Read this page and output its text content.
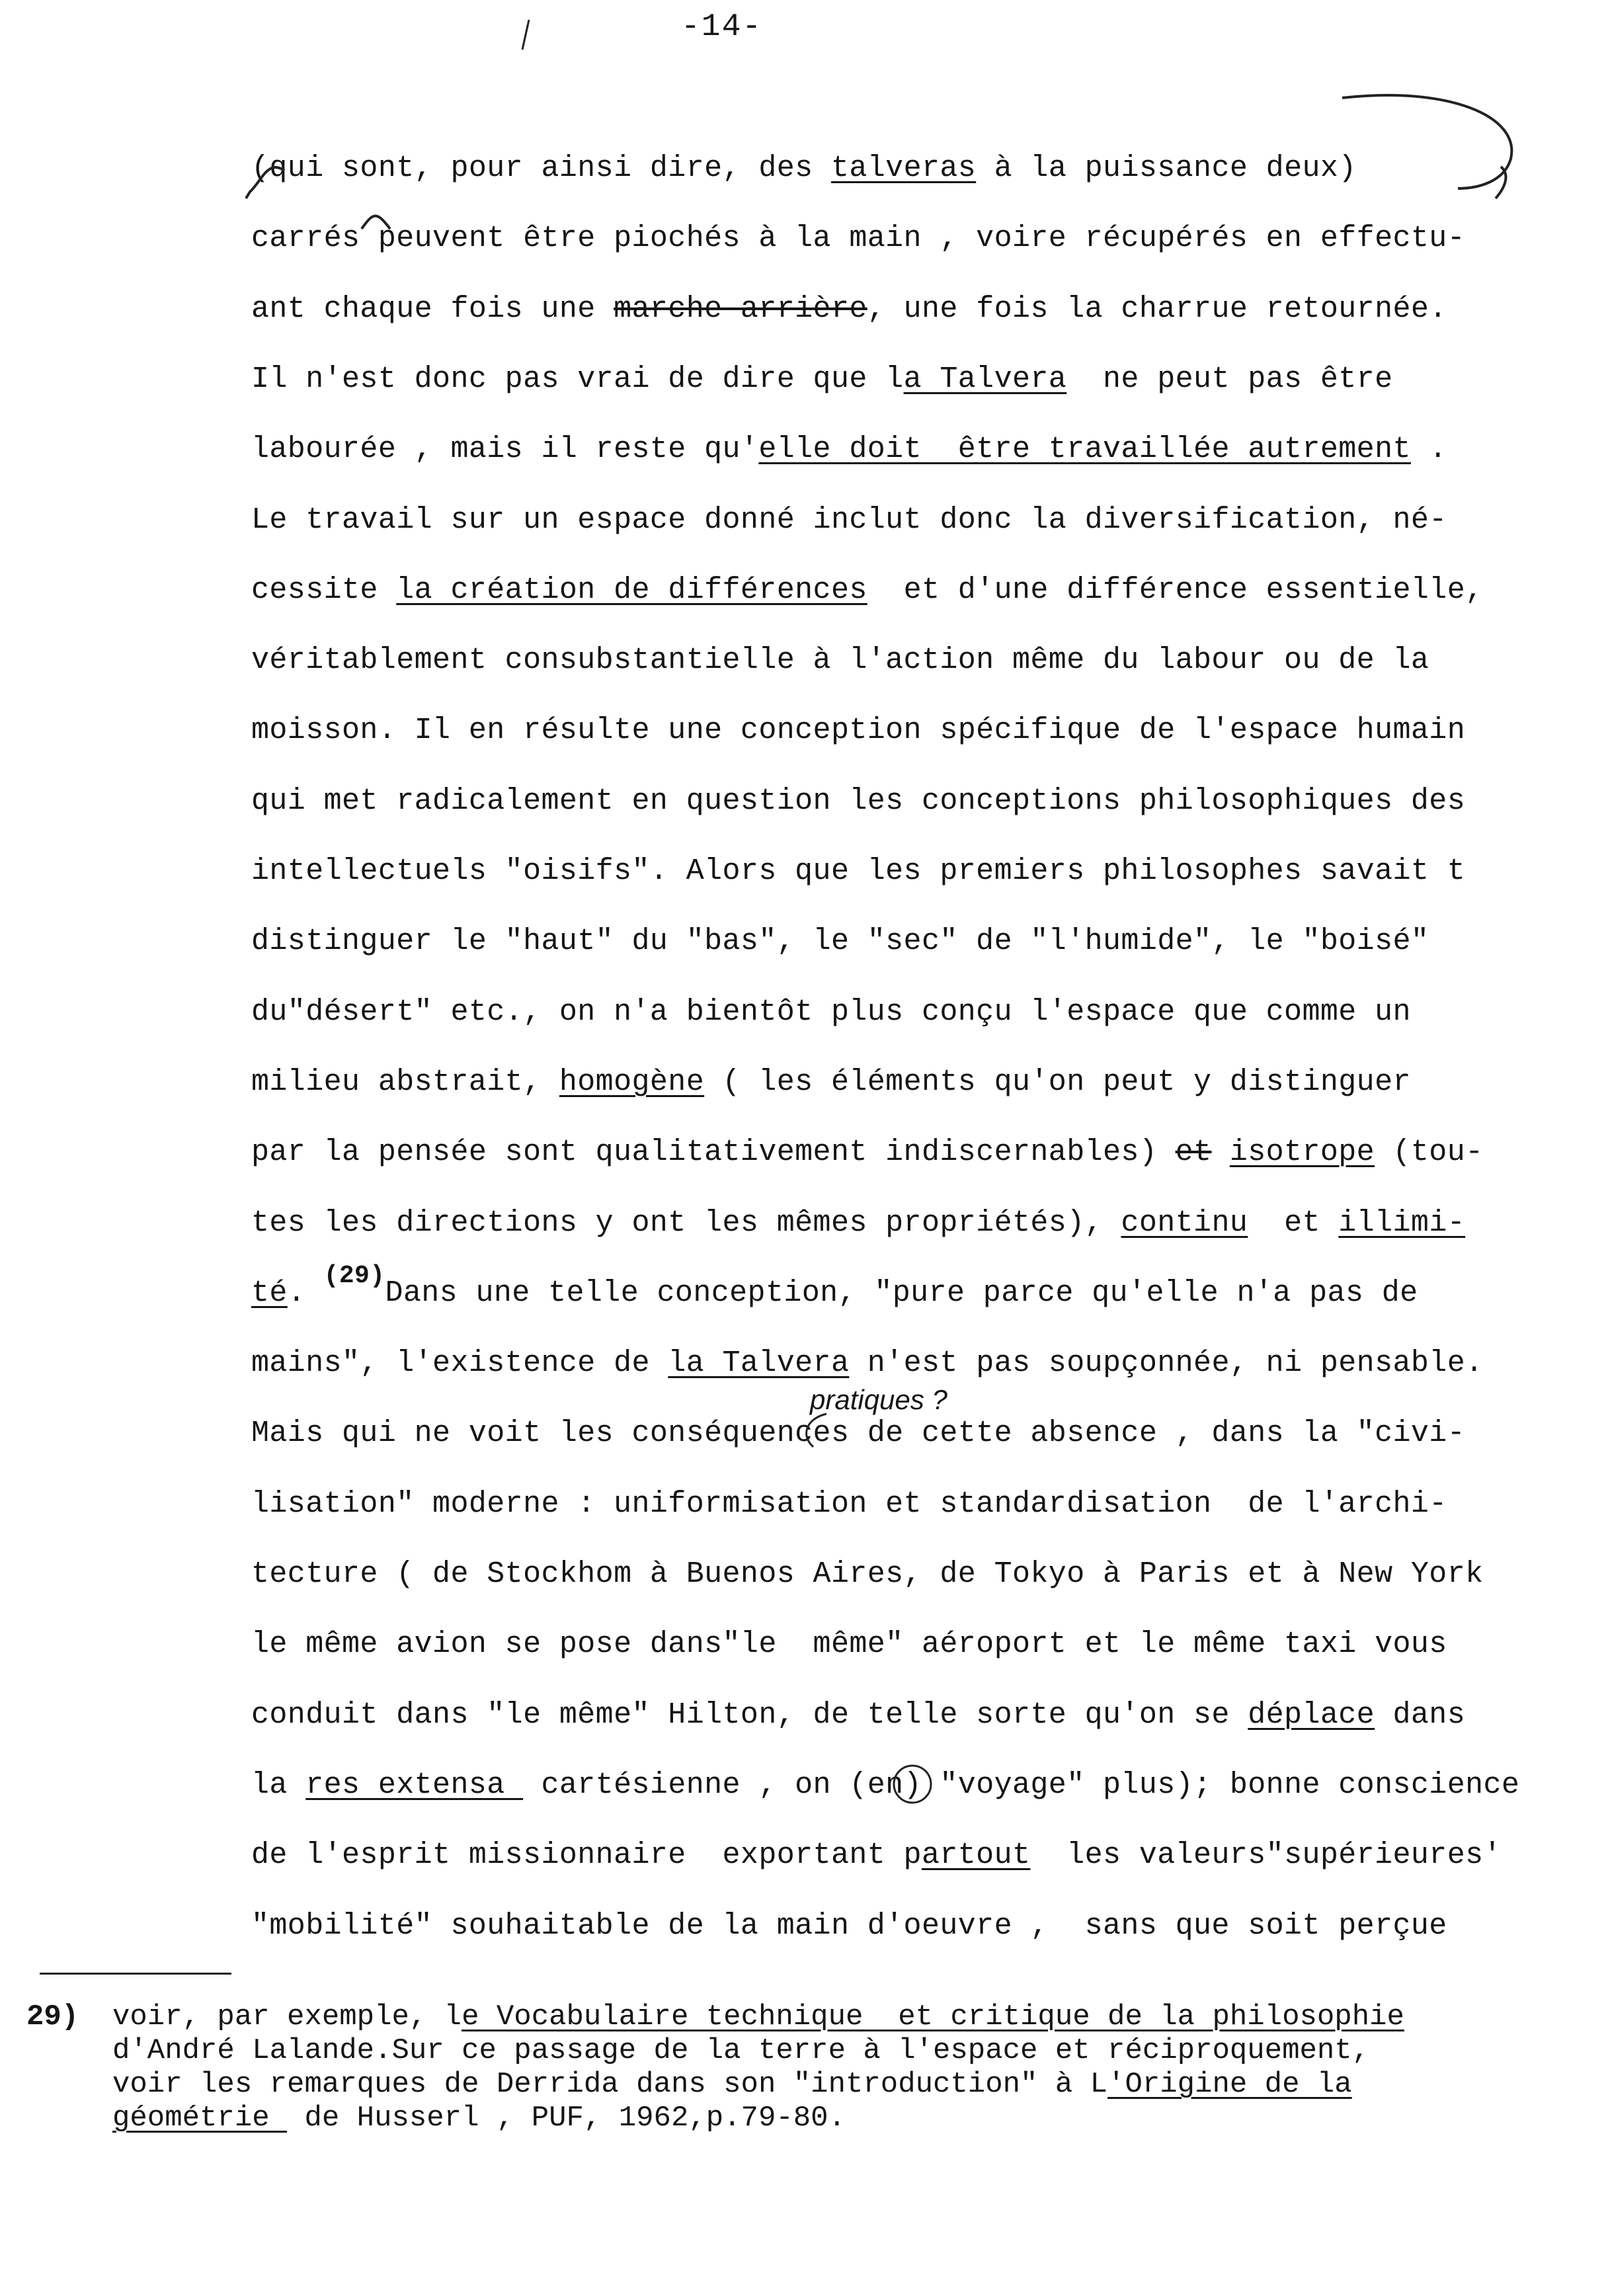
-14-
(qui sont, pour ainsi dire, des talveras à la puissance deux)
carrés peuvent être piochés à la main , voire récupérés en effectu-
ant chaque fois une marche-arrière, une fois la charrue retournée.
Il n'est donc pas vrai de dire que la Talvera  ne peut pas être
labourée , mais il reste qu'elle doit  être travaillée autrement .
Le travail sur un espace donné inclut donc la diversification, né-
cessite la création de différences  et d'une différence essentielle,
véritablement consubstantielle à l'action même du labour ou de la
moisson. Il en résulte une conception spécifique de l'espace humain
qui met radicalement en question les conceptions philosophiques des
intellectuels "oisifs". Alors que les premiers philosophes savait t
distinguer le "haut" du "bas", le "sec" de "l'humide", le "boisé"
du"désert" etc., on n'a bientôt plus conçu l'espace que comme un
milieu abstrait, homogène ( les éléments qu'on peut y distinguer
par la pensée sont qualitativement indiscernables) et isotrope (tou-
tes les directions y ont les mêmes propriétés), continu  et illimi-
té. $^{(29)}$Dans une telle conception, "pure parce qu'elle n'a pas de
mains", l'existence de la Talvera n'est pas soupçonnée, ni pensable.
Mais qui ne voit les conséquences de cette absence , dans la "civi-
lisation" moderne : uniformisation et standardisation  de l'archi-
tecture ( de Stockhom à Buenos Aires, de Tokyo à Paris et à New York
le même avion se pose dans"le  même" aéroport et le même taxi vous
conduit dans "le même" Hilton, de telle sorte qu'on se déplace dans
la res extensa  cartésienne , on (en) "voyage" plus); bonne conscience
de l'esprit missionnaire  exportant partout  les valeurs"supérieures'
"mobilité" souhaitable de la main d'oeuvre ,  sans que soit perçue
pratiques ?
29) voir, par exemple, le Vocabulaire technique  et critique de la philosophie
d'André Lalande.Sur ce passage de la terre à l'espace et réciproquement,
voir les remarques de Derrida dans son "introduction" à L'Origine de la
géométrie  de Husserl , PUF, 1962,p.79-80.
